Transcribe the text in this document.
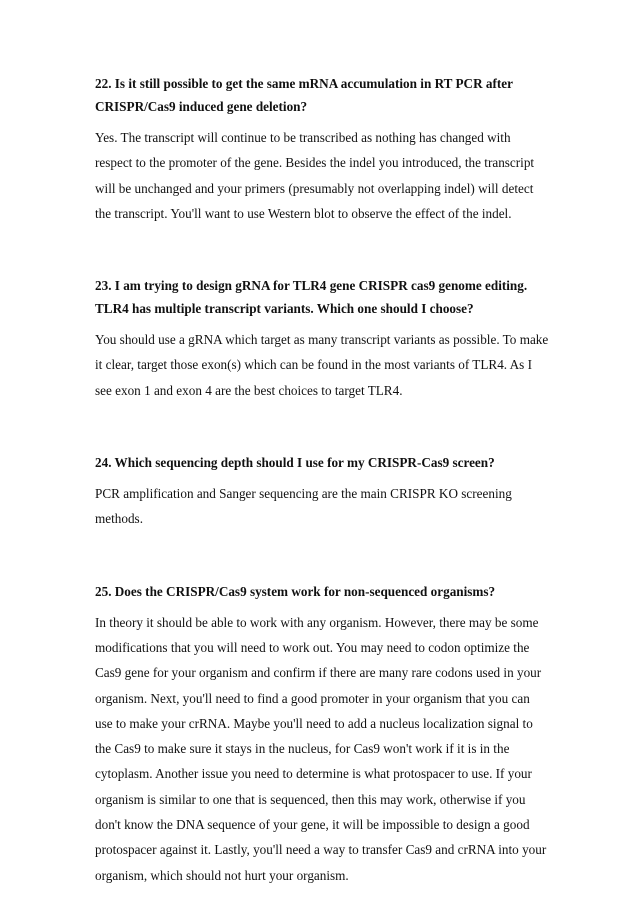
22. Is it still possible to get the same mRNA accumulation in RT PCR after CRISPR/Cas9 induced gene deletion?

Yes. The transcript will continue to be transcribed as nothing has changed with respect to the promoter of the gene. Besides the indel you introduced, the transcript will be unchanged and your primers (presumably not overlapping indel) will detect the transcript. You'll want to use Western blot to observe the effect of the indel.

23. I am trying to design gRNA for TLR4 gene CRISPR cas9 genome editing. TLR4 has multiple transcript variants. Which one should I choose?

You should use a gRNA which target as many transcript variants as possible. To make it clear, target those exon(s) which can be found in the most variants of TLR4. As I see exon 1 and exon 4 are the best choices to target TLR4.

24. Which sequencing depth should I use for my CRISPR-Cas9 screen?

PCR amplification and Sanger sequencing are the main CRISPR KO screening methods.

25. Does the CRISPR/Cas9 system work for non-sequenced organisms?

In theory it should be able to work with any organism. However, there may be some modifications that you will need to work out. You may need to codon optimize the Cas9 gene for your organism and confirm if there are many rare codons used in your organism. Next, you'll need to find a good promoter in your organism that you can use to make your crRNA. Maybe you'll need to add a nucleus localization signal to the Cas9 to make sure it stays in the nucleus, for Cas9 won't work if it is in the cytoplasm. Another issue you need to determine is what protospacer to use. If your organism is similar to one that is sequenced, then this may work, otherwise if you don't know the DNA sequence of your gene, it will be impossible to design a good protospacer against it. Lastly, you'll need a way to transfer Cas9 and crRNA into your organism, which should not hurt your organism.
